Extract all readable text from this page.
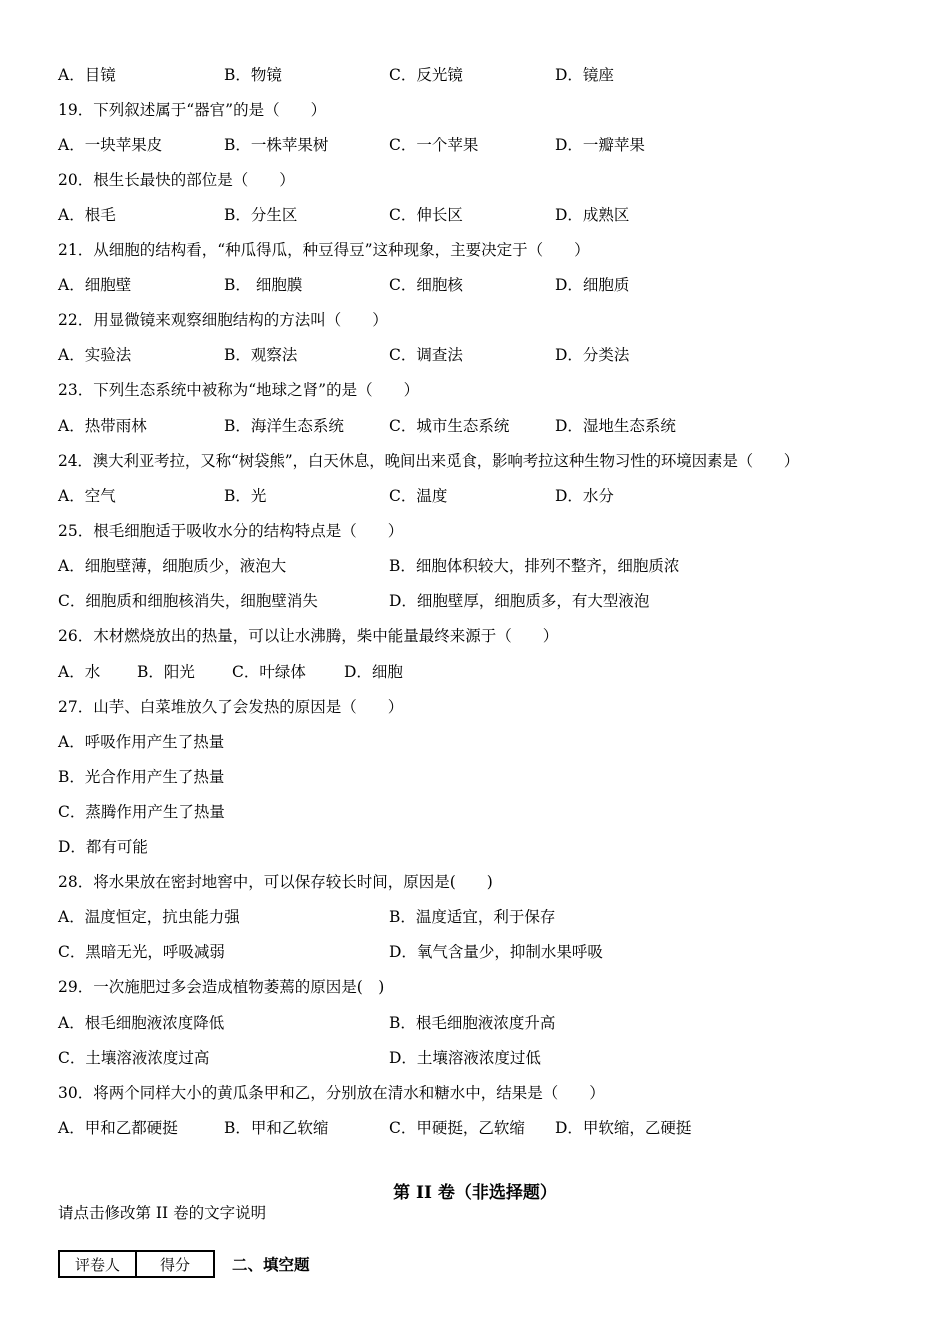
A．目镜	B．物镜	C．反光镜	D．镜座
19．下列叙述属于“器官”的是（　　）
A．一块苹果皮	B．一株苹果树	C．一个苹果	D．一瓣苹果
20．根生长最快的部位是（　　）
A．根毛	B．分生区	C．伸长区	D．成熟区
21．从细胞的结构看，“种瓜得瓜，种豆得豆”这种现象，主要决定于（　　）
A．细胞壁	B． 细胞膜	C．细胞核	D．细胞质
22．用显微镜来观察细胞结构的方法叫（　　）
A．实验法	B．观察法	C．调查法	D．分类法
23．下列生态系统中被称为“地球之肾”的是（　　）
A．热带雨林	B．海洋生态系统	C．城市生态系统	D．湿地生态系统
24．澳大利亚考拉，又称“树袋熊”，白天休息，晚间出来觅食，影响考拉这种生物习性的环境因素是（　　）
A．空气	B．光	C．温度	D．水分
25．根毛细胞适于吸收水分的结构特点是（　　）
A．细胞壁薄，细胞质少，液泡大	B．细胞体积较大，排列不整齐，细胞质浓
C．细胞质和细胞核消失，细胞壁消失	D．细胞壁厚，细胞质多，有大型液泡
26．木材燃烧放出的热量，可以让水沸腾，柴中能量最终来源于（　　）
A．水 B．阳光 C．叶绿体 D．细胞
27．山芋、白菜堆放久了会发热的原因是（　　）
A．呼吸作用产生了热量
B．光合作用产生了热量
C．蒸腾作用产生了热量
D．都有可能
28．将水果放在密封地窖中，可以保存较长时间，原因是(　　)
A．温度恒定，抗虫能力强	B．温度适宜，利于保存
C．黑暗无光，呼吸减弱	D．氧气含量少，抑制水果呼吸
29．一次施肥过多会造成植物萎蔫的原因是(　)
A．根毛细胞液浓度降低	B．根毛细胞液浓度升高
C．土壤溶液浓度过高	D．土壤溶液浓度过低
30．将两个同样大小的黄瓜条甲和乙，分别放在清水和糖水中，结果是（　　）
A．甲和乙都硬挺	B．甲和乙软缩	C．甲硬挺，乙软缩 D．甲软缩，乙硬挺
第 II 卷（非选择题）
请点击修改第 II 卷的文字说明
评卷人	得分	二、填空题
